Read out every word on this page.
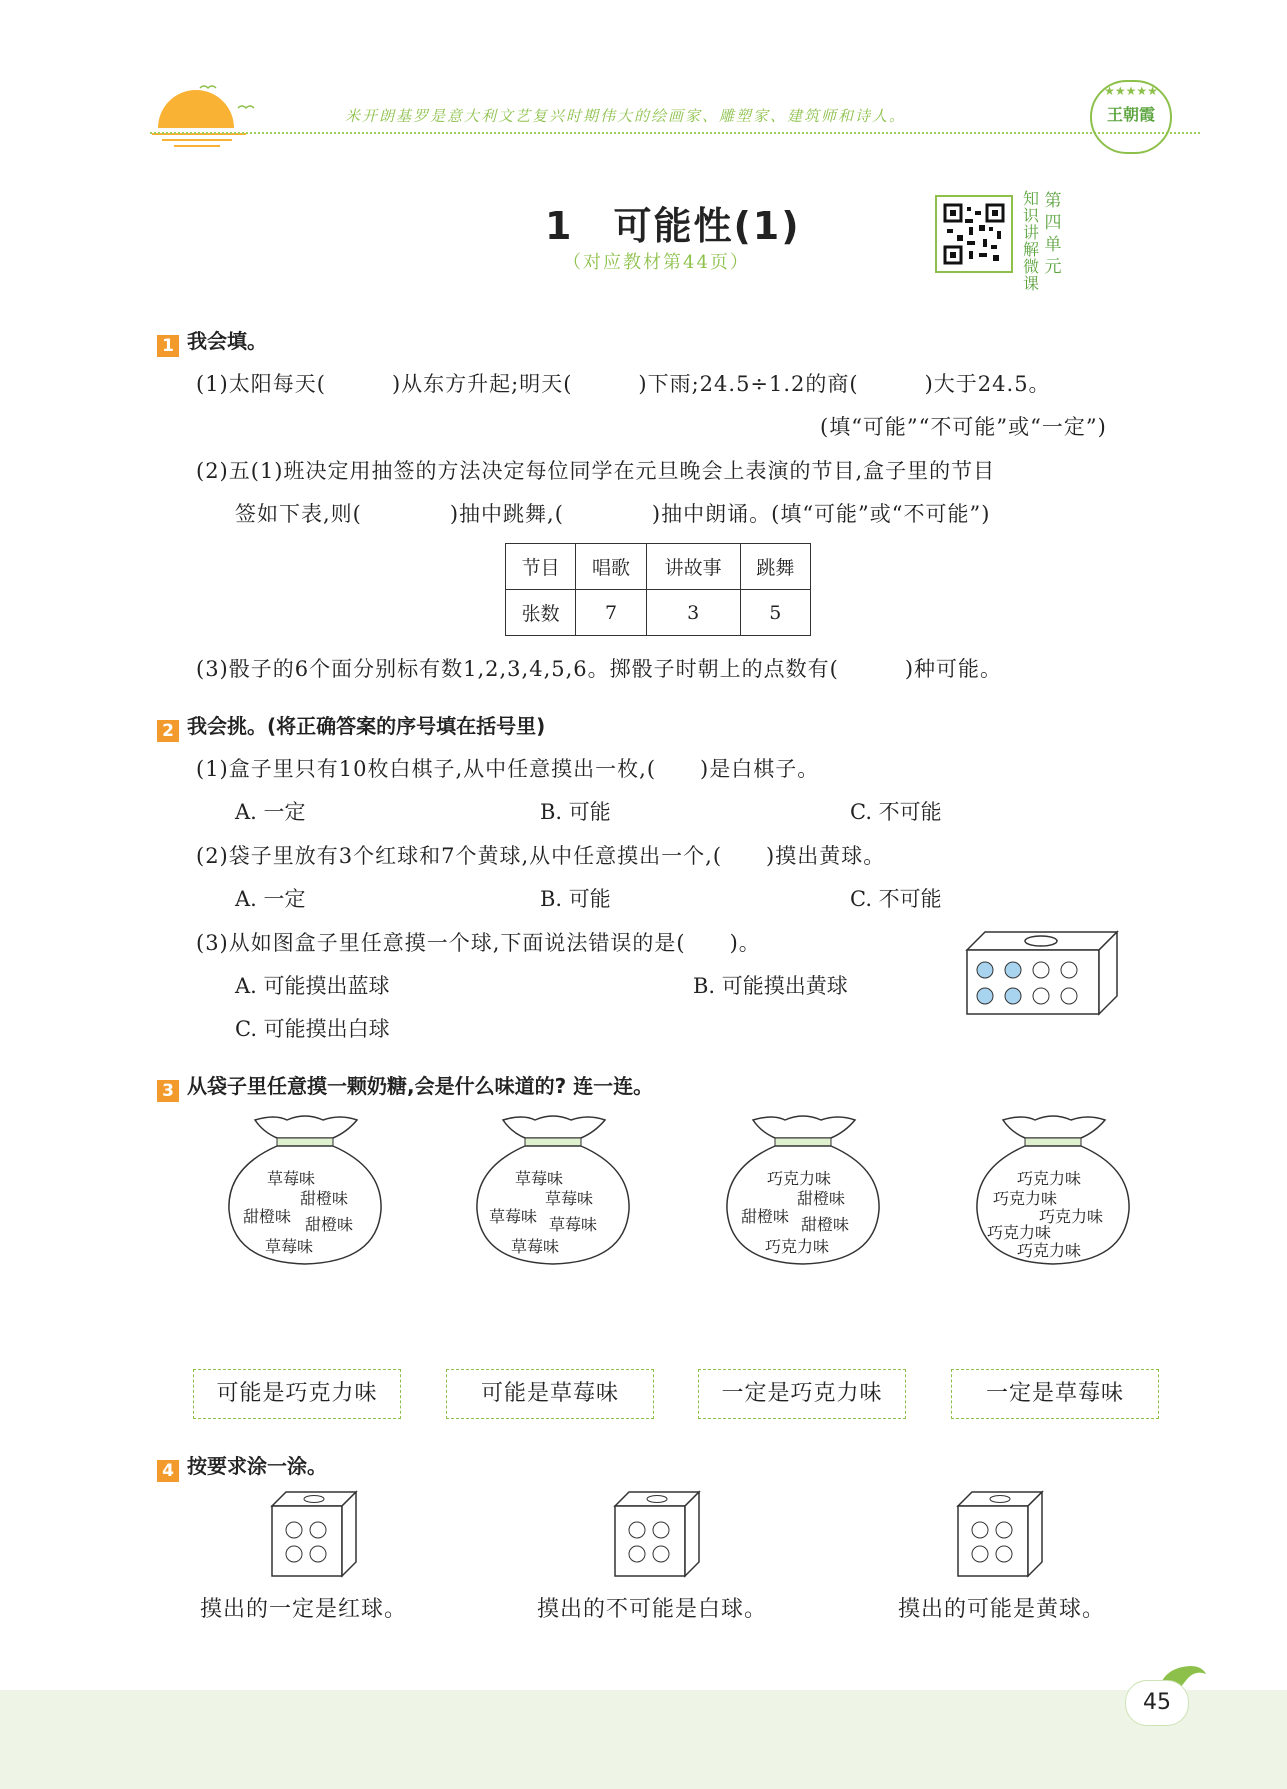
米开朗基罗是意大利文艺复兴时期伟大的绘画家、雕塑家、建筑师和诗人。
★★★★★
王朝霞
1　可能性(1)
（对应教材第44页）
知识讲解微课
第四单元
1 我会填。
(1)太阳每天(　　　)从东方升起;明天(　　　)下雨;24.5÷1.2的商(　　　)大于24.5。
(填“可能”“不可能”或“一定”)
(2)五(1)班决定用抽签的方法决定每位同学在元旦晚会上表演的节目,盒子里的节目
签如下表,则(　　　　)抽中跳舞,(　　　　)抽中朗诵。(填“可能”或“不可能”)
节目	唱歌	讲故事	跳舞
张数	7	3	5
(3)骰子的6个面分别标有数1,2,3,4,5,6。掷骰子时朝上的点数有(　　　)种可能。
2 我会挑。(将正确答案的序号填在括号里)
(1)盒子里只有10枚白棋子,从中任意摸出一枚,(　　)是白棋子。
A. 一定	B. 可能	C. 不可能
(2)袋子里放有3个红球和7个黄球,从中任意摸出一个,(　　)摸出黄球。
A. 一定	B. 可能	C. 不可能
(3)从如图盒子里任意摸一个球,下面说法错误的是(　　)。
A. 可能摸出蓝球	B. 可能摸出黄球
C. 可能摸出白球
3 从袋子里任意摸一颗奶糖,会是什么味道的? 连一连。
草莓味
甜橙味
甜橙味 甜橙味
草莓味
草莓味
草莓味
草莓味 草莓味
草莓味
巧克力味
甜橙味
甜橙味 甜橙味
巧克力味
巧克力味
巧克力味
巧克力味
巧克力味
巧克力味
可能是巧克力味	可能是草莓味	一定是巧克力味	一定是草莓味
4 按要求涂一涂。
摸出的一定是红球。	摸出的不可能是白球。	摸出的可能是黄球。
45
